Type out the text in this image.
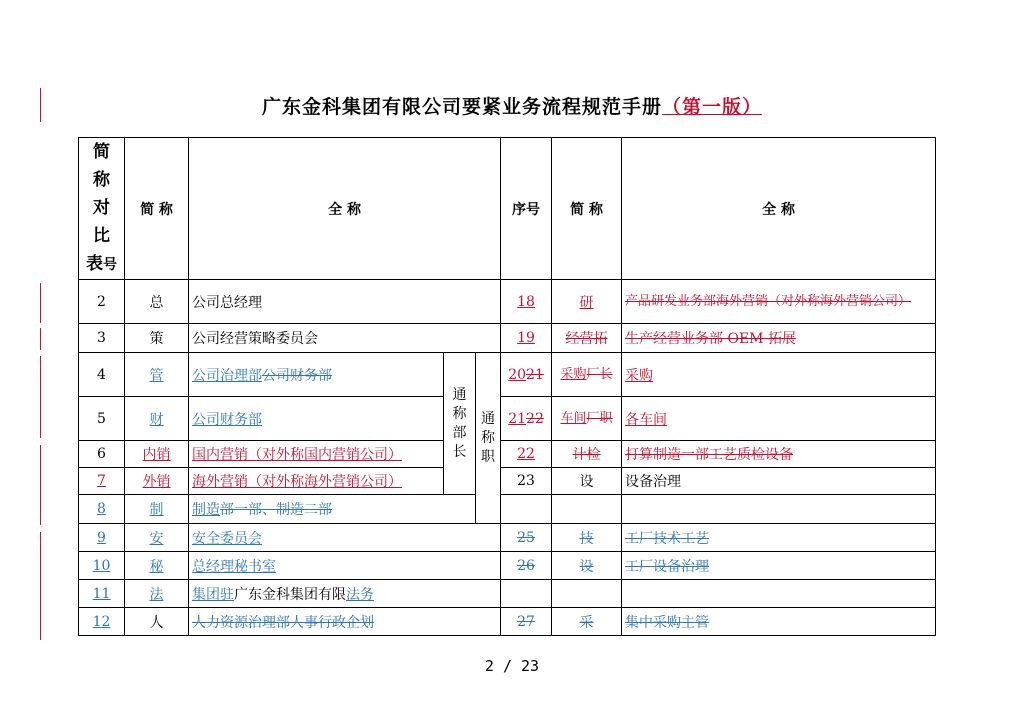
广东金科集团有限公司要紧业务流程规范手册（第一版）
简
称
对
比
表号	简 称	全 称			序号	简 称	全 称
2	总	公司总经理			18	研	产品研发业务部海外营销（对外称海外营销公司）
3	策	公司经营策略委员会			19	经营拓	生产经营业务部 OEM 拓展
4	管	公司治理部公司财务部	通称部长	通称职	2021	采购厂长	采购
5	财	公司财务部			2122	车间厂职	各车间
6	内销	国内营销（对外称国内营销公司）			22	计检	打算制造一部工艺质检设备
7	外销	海外营销（对外称海外营销公司）			23	设	设备治理
8	制	制造部一部、制造二部					
9	安	安全委员会			25	技	工厂技术工艺
10	秘	总经理秘书室			26	设	工厂设备治理
11	法	集团驻广东金科集团有限法务					
12	人	人力资源治理部人事行政企划			27	采	集中采购主管
2 / 23
